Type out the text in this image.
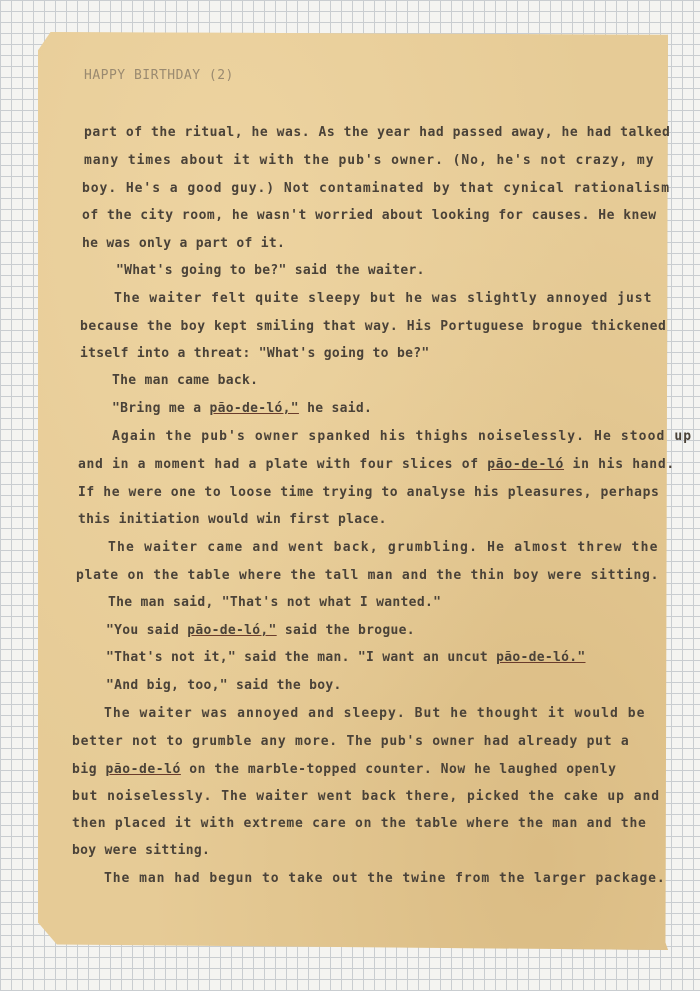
HAPPY BIRTHDAY (2)
part of the ritual, he was. As the year had passed away, he had talked
many times about it with the pub's owner. (No, he's not crazy, my
boy. He's a good guy.) Not contaminated by that cynical rationalism
of the city room, he wasn't worried about looking for causes. He knew
he was only a part of it.
"What's going to be?" said the waiter.
The waiter felt quite sleepy but he was slightly annoyed just
because the boy kept smiling that way. His Portuguese brogue thickened
itself into a threat: "What's going to be?"
The man came back.
"Bring me a pão-de-ló," he said.
Again the pub's owner spanked his thighs noiselessly. He stood up
and in a moment had a plate with four slices of pão-de-ló in his hand.
If he were one to loose time trying to analyse his pleasures, perhaps
this initiation would win first place.
The waiter came and went back, grumbling. He almost threw the
plate on the table where the tall man and the thin boy were sitting.
The man said, "That's not what I wanted."
"You said pão-de-ló," said the brogue.
"That's not it," said the man. "I want an uncut pão-de-ló."
"And big, too," said the boy.
The waiter was annoyed and sleepy. But he thought it would be
better not to grumble any more. The pub's owner had already put a
big pão-de-ló on the marble-topped counter. Now he laughed openly
but noiselessly. The waiter went back there, picked the cake up and
then placed it with extreme care on the table where the man and the
boy were sitting.
The man had begun to take out the twine from the larger package.
